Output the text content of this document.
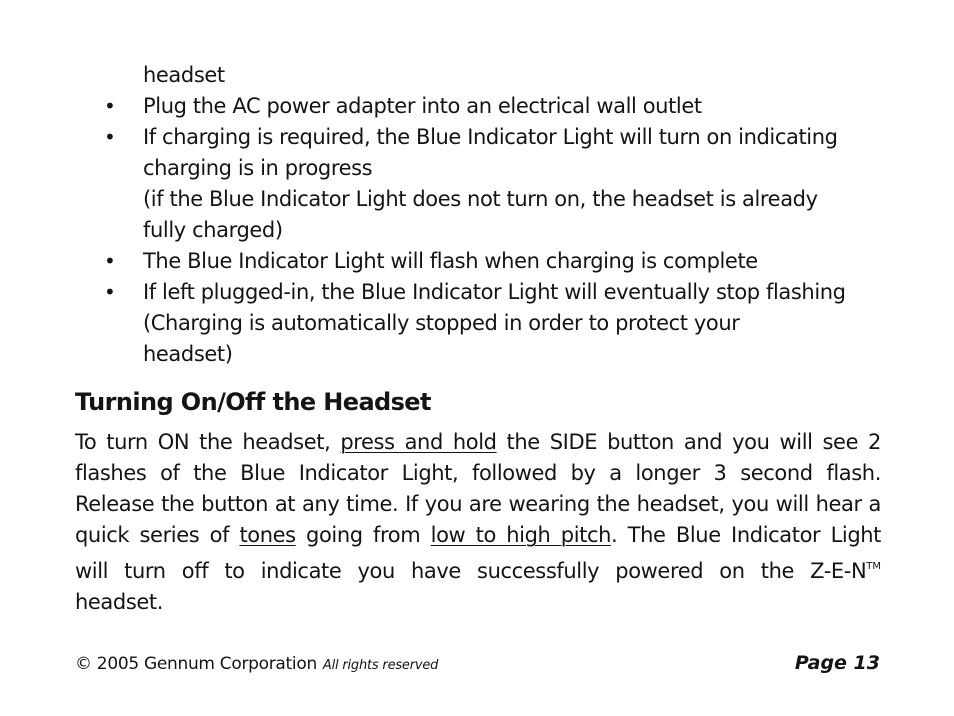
headset
• Plug the AC power adapter into an electrical wall outlet
• If charging is required, the Blue Indicator Light will turn on indicating
charging is in progress
(if the Blue Indicator Light does not turn on, the headset is already
fully charged)
• The Blue Indicator Light will flash when charging is complete
• If left plugged-in, the Blue Indicator Light will eventually stop flashing
(Charging is automatically stopped in order to protect your
headset)
Turning On/Off the Headset
To turn ON the headset, press and hold the SIDE button and you will see 2
flashes of the Blue Indicator Light, followed by a longer 3 second flash.
Release the button at any time. If you are wearing the headset, you will hear a
quick series of tones going from low to high pitch. The Blue Indicator Light
will turn off to indicate you have successfully powered on the Z-E-N™
headset.
© 2005 Gennum Corporation All rights reserved	Page 13
